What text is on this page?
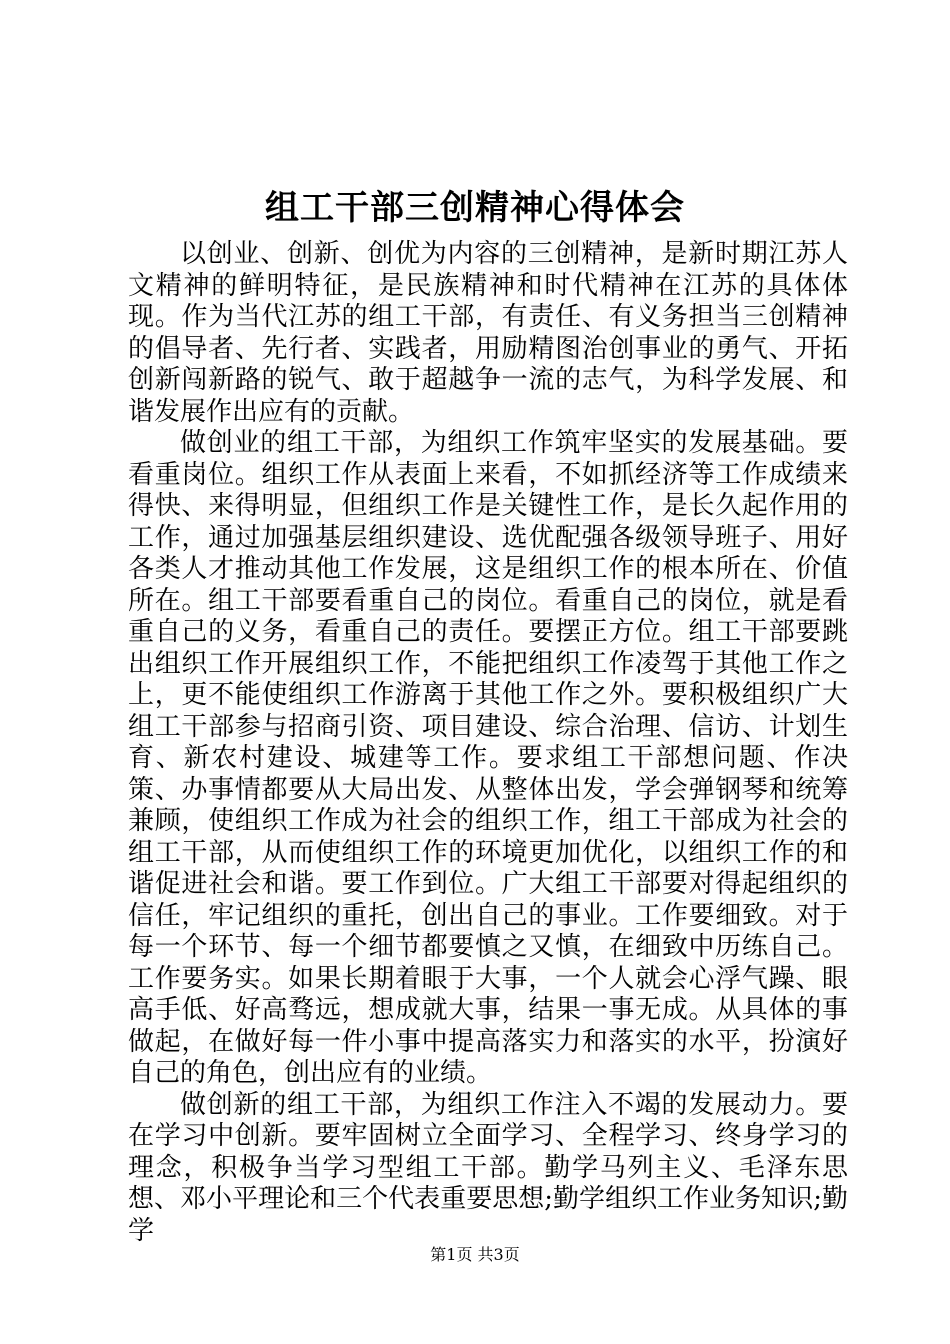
组工干部三创精神心得体会

以创业、创新、创优为内容的三创精神，是新时期江苏人文精神的鲜明特征，是民族精神和时代精神在江苏的具体体现。作为当代江苏的组工干部，有责任、有义务担当三创精神的倡导者、先行者、实践者，用励精图治创事业的勇气、开拓创新闯新路的锐气、敢于超越争一流的志气，为科学发展、和谐发展作出应有的贡献。

做创业的组工干部，为组织工作筑牢坚实的发展基础。要看重岗位。组织工作从表面上来看，不如抓经济等工作成绩来得快、来得明显，但组织工作是关键性工作，是长久起作用的工作，通过加强基层组织建设、选优配强各级领导班子、用好各类人才推动其他工作发展，这是组织工作的根本所在、价值所在。组工干部要看重自己的岗位。看重自己的岗位，就是看重自己的义务，看重自己的责任。要摆正方位。组工干部要跳出组织工作开展组织工作，不能把组织工作凌驾于其他工作之上，更不能使组织工作游离于其他工作之外。要积极组织广大组工干部参与招商引资、项目建设、综合治理、信访、计划生育、新农村建设、城建等工作。要求组工干部想问题、作决策、办事情都要从大局出发、从整体出发，学会弹钢琴和统筹兼顾，使组织工作成为社会的组织工作，组工干部成为社会的组工干部，从而使组织工作的环境更加优化，以组织工作的和谐促进社会和谐。要工作到位。广大组工干部要对得起组织的信任，牢记组织的重托，创出自己的事业。工作要细致。对于每一个环节、每一个细节都要慎之又慎，在细致中历练自己。工作要务实。如果长期着眼于大事，一个人就会心浮气躁、眼高手低、好高骛远，想成就大事，结果一事无成。从具体的事做起，在做好每一件小事中提高落实力和落实的水平，扮演好自己的角色，创出应有的业绩。

做创新的组工干部，为组织工作注入不竭的发展动力。要在学习中创新。要牢固树立全面学习、全程学习、终身学习的理念，积极争当学习型组工干部。勤学马列主义、毛泽东思想、邓小平理论和三个代表重要思想;勤学组织工作业务知识;勤学

第1页 共3页
